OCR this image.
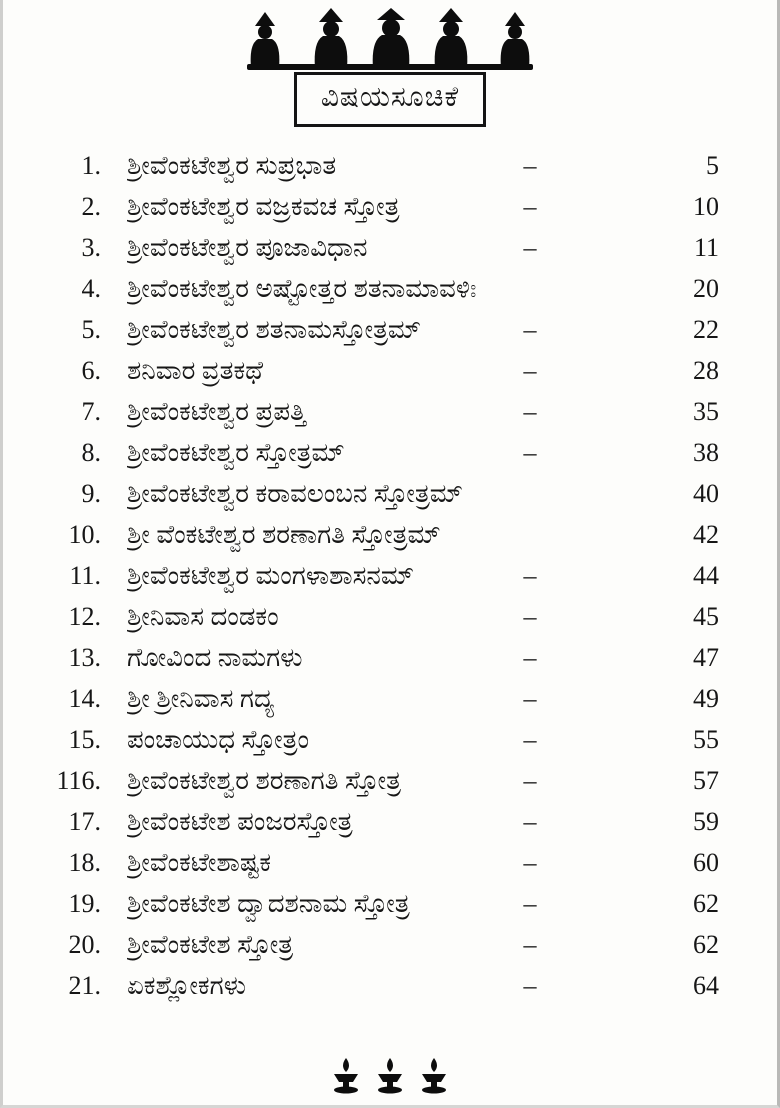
ವಿಷಯಸೂಚಿಕೆ
1. ಶ್ರೀವೆಂಕಟೇಶ್ವರ ಸುಪ್ರಭಾತ	–	5
2. ಶ್ರೀವೆಂಕಟೇಶ್ವರ ವಜ್ರಕವಚ ಸ್ತೋತ್ರ	–	10
3. ಶ್ರೀವೆಂಕಟೇಶ್ವರ ಪೂಜಾವಿಧಾನ	–	11
4. ಶ್ರೀವೆಂಕಟೇಶ್ವರ ಅಷ್ಟೋತ್ತರ ಶತನಾಮಾವಳಿಃ	20
5. ಶ್ರೀವೆಂಕಟೇಶ್ವರ ಶತನಾಮಸ್ತೋತ್ರಮ್	–	22
6. ಶನಿವಾರ ವ್ರತಕಥೆ	–	28
7. ಶ್ರೀವೆಂಕಟೇಶ್ವರ ಪ್ರಪತ್ತಿ	–	35
8. ಶ್ರೀವೆಂಕಟೇಶ್ವರ ಸ್ತೋತ್ರಮ್	–	38
9. ಶ್ರೀವೆಂಕಟೇಶ್ವರ ಕರಾವಲಂಬನ ಸ್ತೋತ್ರಮ್	40
10. ಶ್ರೀ ವೆಂಕಟೇಶ್ವರ ಶರಣಾಗತಿ ಸ್ತೋತ್ರಮ್	42
11. ಶ್ರೀವೆಂಕಟೇಶ್ವರ ಮಂಗಳಾಶಾಸನಮ್	–	44
12. ಶ್ರೀನಿವಾಸ ದಂಡಕಂ	–	45
13. ಗೋವಿಂದ ನಾಮಗಳು	–	47
14. ಶ್ರೀ ಶ್ರೀನಿವಾಸ ಗದ್ಯ	–	49
15. ಪಂಚಾಯುಧ ಸ್ತೋತ್ರಂ	–	55
116. ಶ್ರೀವೆಂಕಟೇಶ್ವರ ಶರಣಾಗತಿ ಸ್ತೋತ್ರ	–	57
17. ಶ್ರೀವೆಂಕಟೇಶ ಪಂಜರಸ್ತೋತ್ರ	–	59
18. ಶ್ರೀವೆಂಕಟೇಶಾಷ್ಟಕ	–	60
19. ಶ್ರೀವೆಂಕಟೇಶ ದ್ವಾದಶನಾಮ ಸ್ತೋತ್ರ	–	62
20. ಶ್ರೀವೆಂಕಟೇಶ ಸ್ತೋತ್ರ	–	62
21. ಏಕಶ್ಲೋಕಗಳು	–	64
